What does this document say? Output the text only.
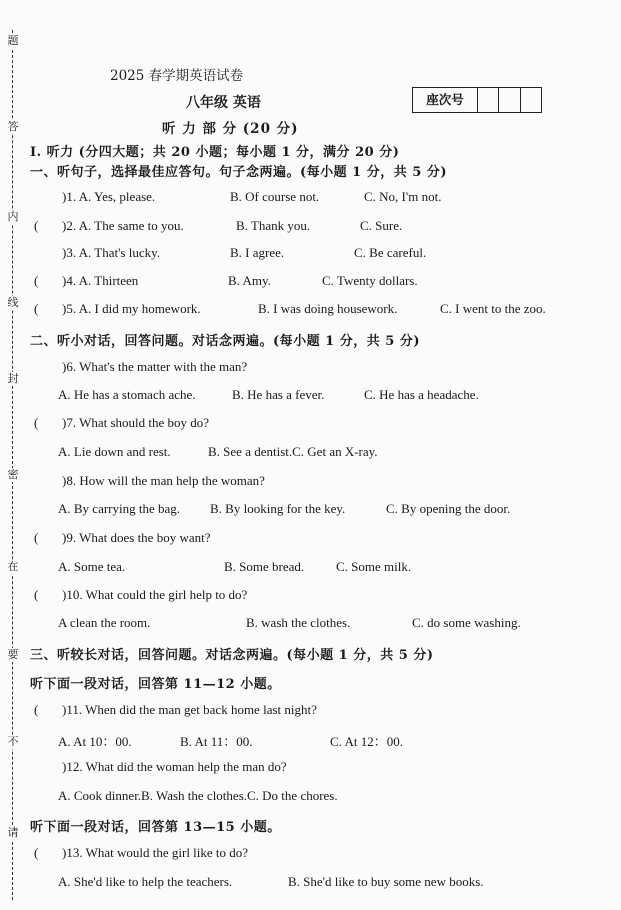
题
答
内
线
封
密
在
要
不
请
2025 春学期英语试卷
八年级 英语
听 力 部 分 (20 分)
座次号
I. 听力 (分四大题；共 20 小题；每小题 1 分，满分 20 分)
一、听句子，选择最佳应答句。句子念两遍。(每小题 1 分，共 5 分)
)1. A. Yes, please.	B. Of course not.	C. No, I'm not.
( )2. A. The same to you.	B. Thank you.	C. Sure.
)3. A. That's lucky.	B. I agree.	C. Be careful.
( )4. A. Thirteen	B. Amy.	C. Twenty dollars.
( )5. A. I did my homework.	B. I was doing housework.	C. I went to the zoo.
二、听小对话，回答问题。对话念两遍。(每小题 1 分，共 5 分)
)6. What's the matter with the man?
A. He has a stomach ache.	B. He has a fever.	C. He has a headache.
( )7. What should the boy do?
A. Lie down and rest.	B. See a dentist.C. Get an X-ray.
)8. How will the man help the woman?
A. By carrying the bag. B. By looking for the key.	C. By opening the door.
( )9. What does the boy want?
A. Some tea.	B. Some bread. C. Some milk.
( )10. What could the girl help to do?
A clean the room.	B. wash the clothes.	C. do some washing.
三、听较长对话，回答问题。对话念两遍。(每小题 1 分，共 5 分)
听下面一段对话，回答第 11—12 小题。
( )11. When did the man get back home last night?
A. At 10：00.	B. At 11：00.	C. At 12：00.
)12. What did the woman help the man do?
A. Cook dinner.B. Wash the clothes.C. Do the chores.
听下面一段对话，回答第 13—15 小题。
( )13. What would the girl like to do?
A. She'd like to help the teachers.	B. She'd like to buy some new books.
